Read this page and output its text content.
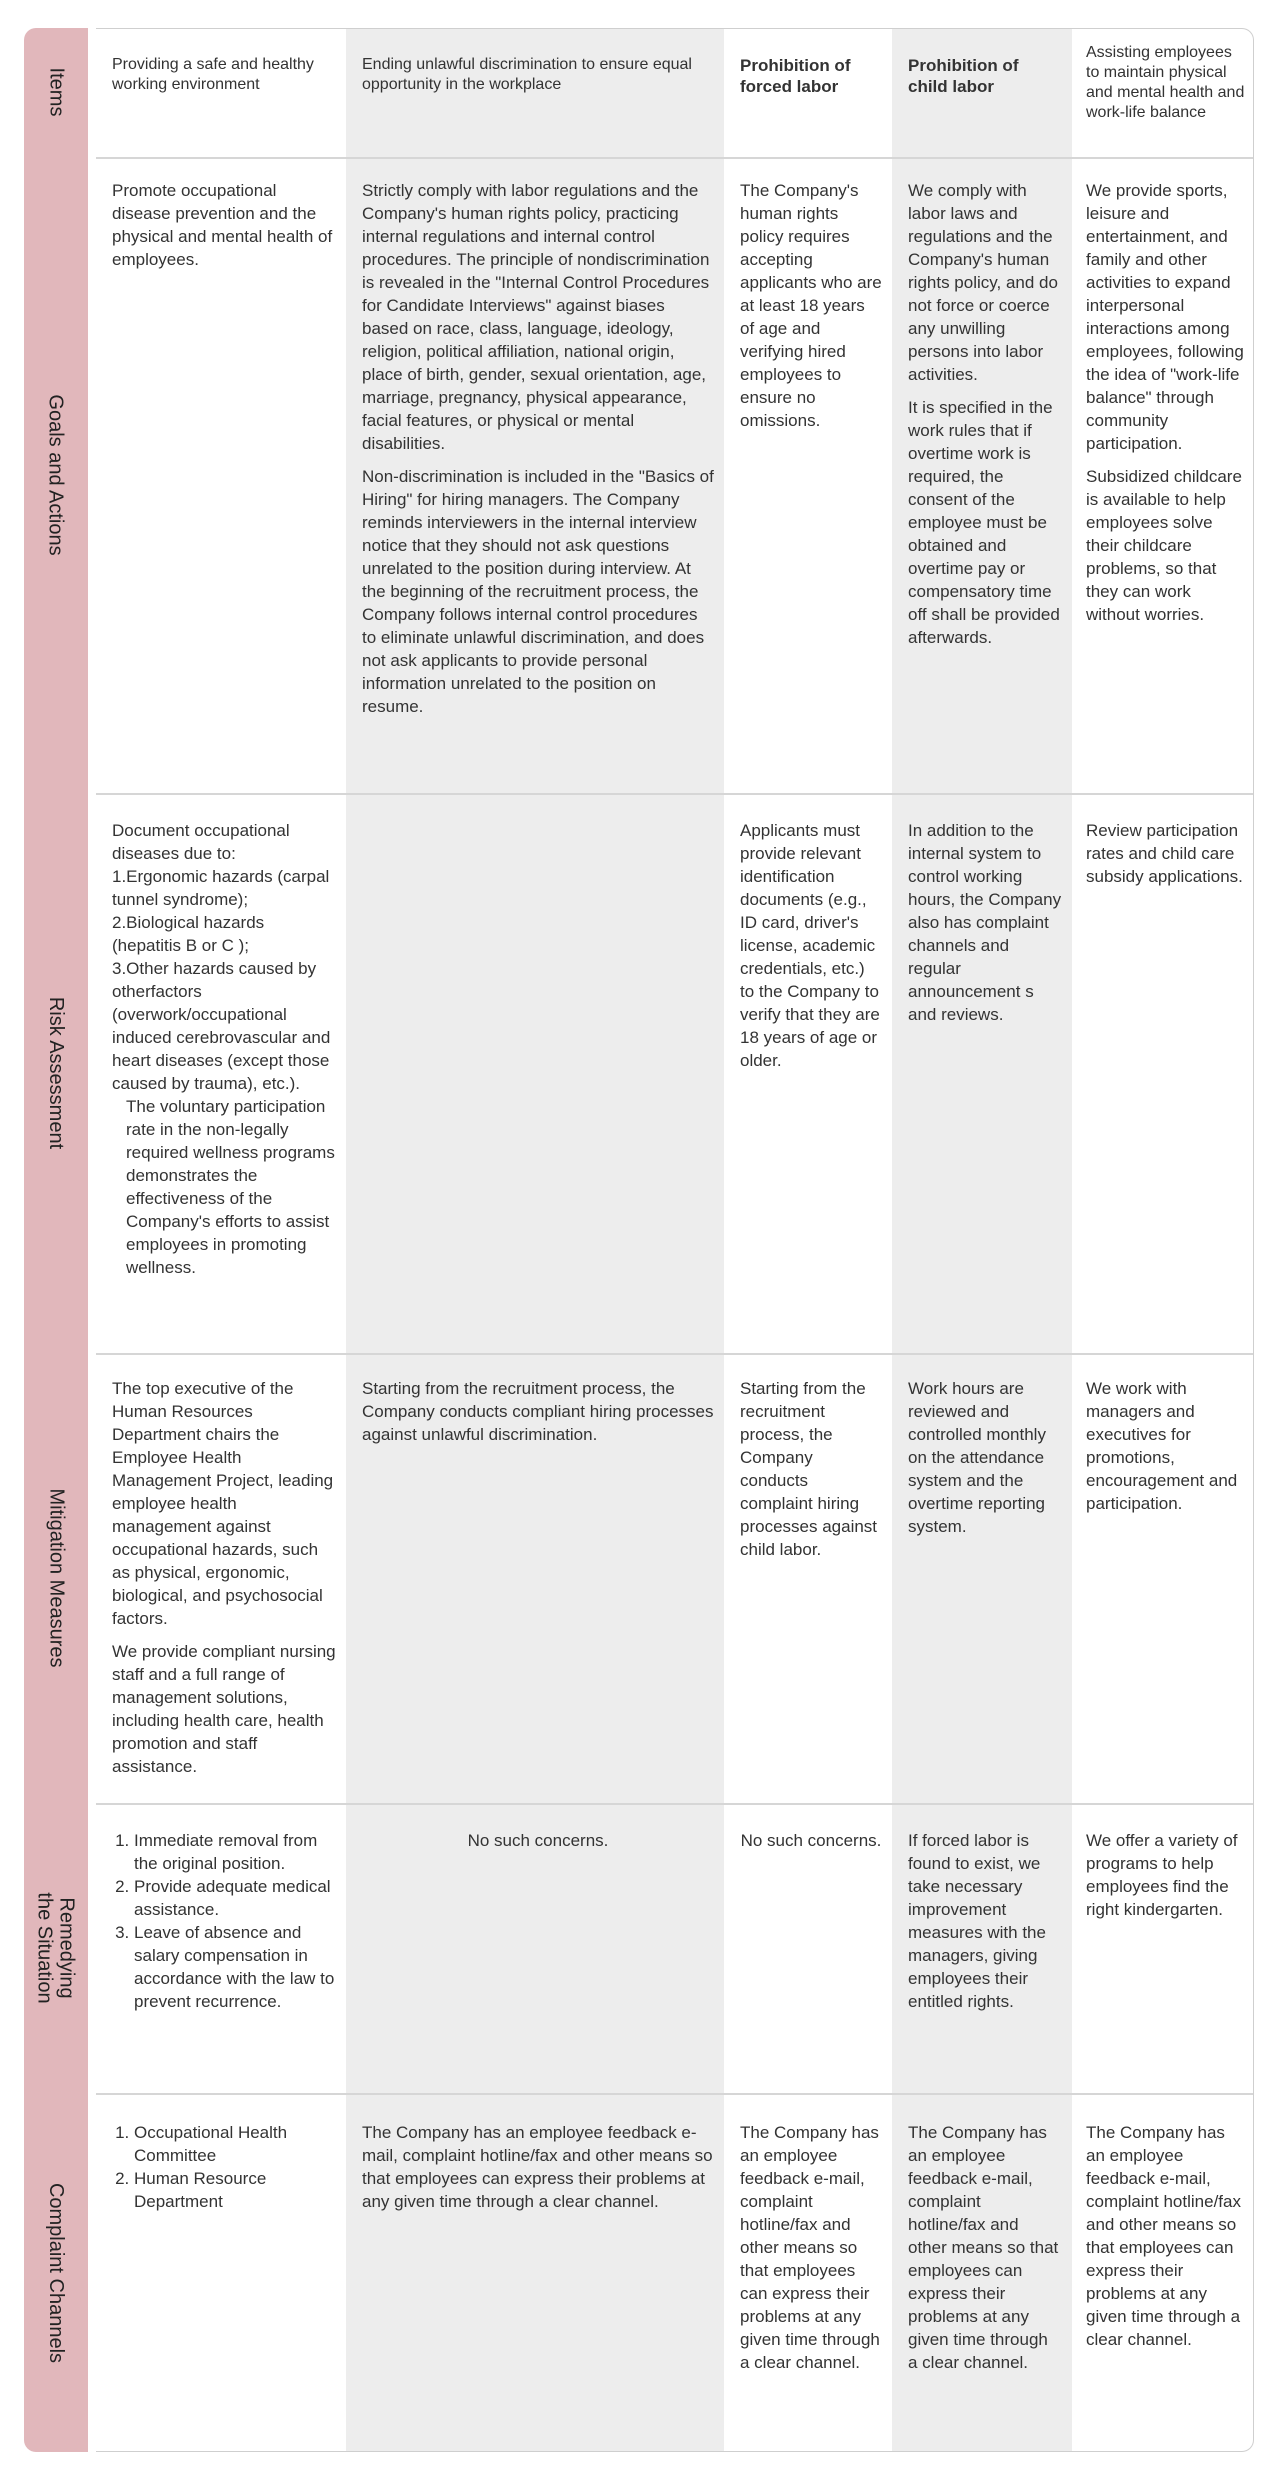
Items
Goals and Actions
Risk Assessment
Mitigation Measures
Remedying
the Situation
Complaint Channels
Providing a safe and healthy working environment
Ending unlawful discrimination to ensure equal opportunity in the workplace
Prohibition of forced labor
Prohibition of child labor
Assisting employees to maintain physical and mental health and work-life balance

Promote occupational disease prevention and the physical and mental health of employees.

Strictly comply with labor regulations and the Company's human rights policy, practicing internal regulations and internal control procedures. The principle of nondiscrimination is revealed in the "Internal Control Procedures for Candidate Interviews" against biases based on race, class, language, ideology, religion, political affiliation, national origin, place of birth, gender, sexual orientation, age, marriage, pregnancy, physical appearance, facial features, or physical or mental disabilities.

Non-discrimination is included in the "Basics of Hiring" for hiring managers. The Company reminds interviewers in the internal interview notice that they should not ask questions unrelated to the position during interview. At the beginning of the recruitment process, the Company follows internal control procedures to eliminate unlawful discrimination, and does not ask applicants to provide personal information unrelated to the position on resume.

The Company's human rights policy requires accepting applicants who are at least 18 years of age and verifying hired employees to ensure no omissions.

We comply with labor laws and regulations and the Company's human rights policy, and do not force or coerce any unwilling persons into labor activities.

It is specified in the work rules that if overtime work is required, the consent of the employee must be obtained and overtime pay or compensatory time off shall be provided afterwards.

We provide sports, leisure and entertainment, and family and other activities to expand interpersonal interactions among employees, following the idea of "work-life balance" through community participation.

Subsidized childcare is available to help employees solve their childcare problems, so that they can work without worries.

Document occupational diseases due to:
1.Ergonomic hazards (carpal tunnel syndrome);
2.Biological hazards (hepatitis B or C );
3.Other hazards caused by otherfactors (overwork/occupational induced cerebrovascular and heart diseases (except those caused by trauma), etc.).
The voluntary participation rate in the non-legally required wellness programs demonstrates the effectiveness of the Company's efforts to assist employees in promoting wellness.

Applicants must provide relevant identification documents (e.g., ID card, driver's license, academic credentials, etc.) to the Company to verify that they are 18 years of age or older.

In addition to the internal system to control working hours, the Company also has complaint channels and regular announcement s and reviews.

Review participation rates and child care subsidy applications.

The top executive of the Human Resources Department chairs the Employee Health Management Project, leading employee health management against occupational hazards, such as physical, ergonomic, biological, and psychosocial factors.

We provide compliant nursing staff and a full range of management solutions, including health care, health promotion and staff assistance.

Starting from the recruitment process, the Company conducts compliant hiring processes against unlawful discrimination.

Starting from the recruitment process, the Company conducts complaint hiring processes against child labor.

Work hours are reviewed and controlled monthly on the attendance system and the overtime reporting system.

We work with managers and executives for promotions, encouragement and participation.

1. Immediate removal from the original position.
2. Provide adequate medical assistance.
3. Leave of absence and salary compensation in accordance with the law to prevent recurrence.
No such concerns.	No such concerns.	If forced labor is found to exist, we take necessary improvement measures with the managers, giving employees their entitled rights.

We offer a variety of programs to help employees find the right kindergarten.

1. Occupational Health Committee
2. Human Resource Department

The Company has an employee feedback e-mail, complaint hotline/fax and other means so that employees can express their problems at any given time through a clear channel.

The Company has an employee feedback e-mail, complaint hotline/fax and other means so that employees can express their problems at any given time through a clear channel.

The Company has an employee feedback e-mail, complaint hotline/fax and other means so that employees can express their problems at any given time through a clear channel.

The Company has an employee feedback e-mail, complaint hotline/fax and other means so that employees can express their problems at any given time through a clear channel.
